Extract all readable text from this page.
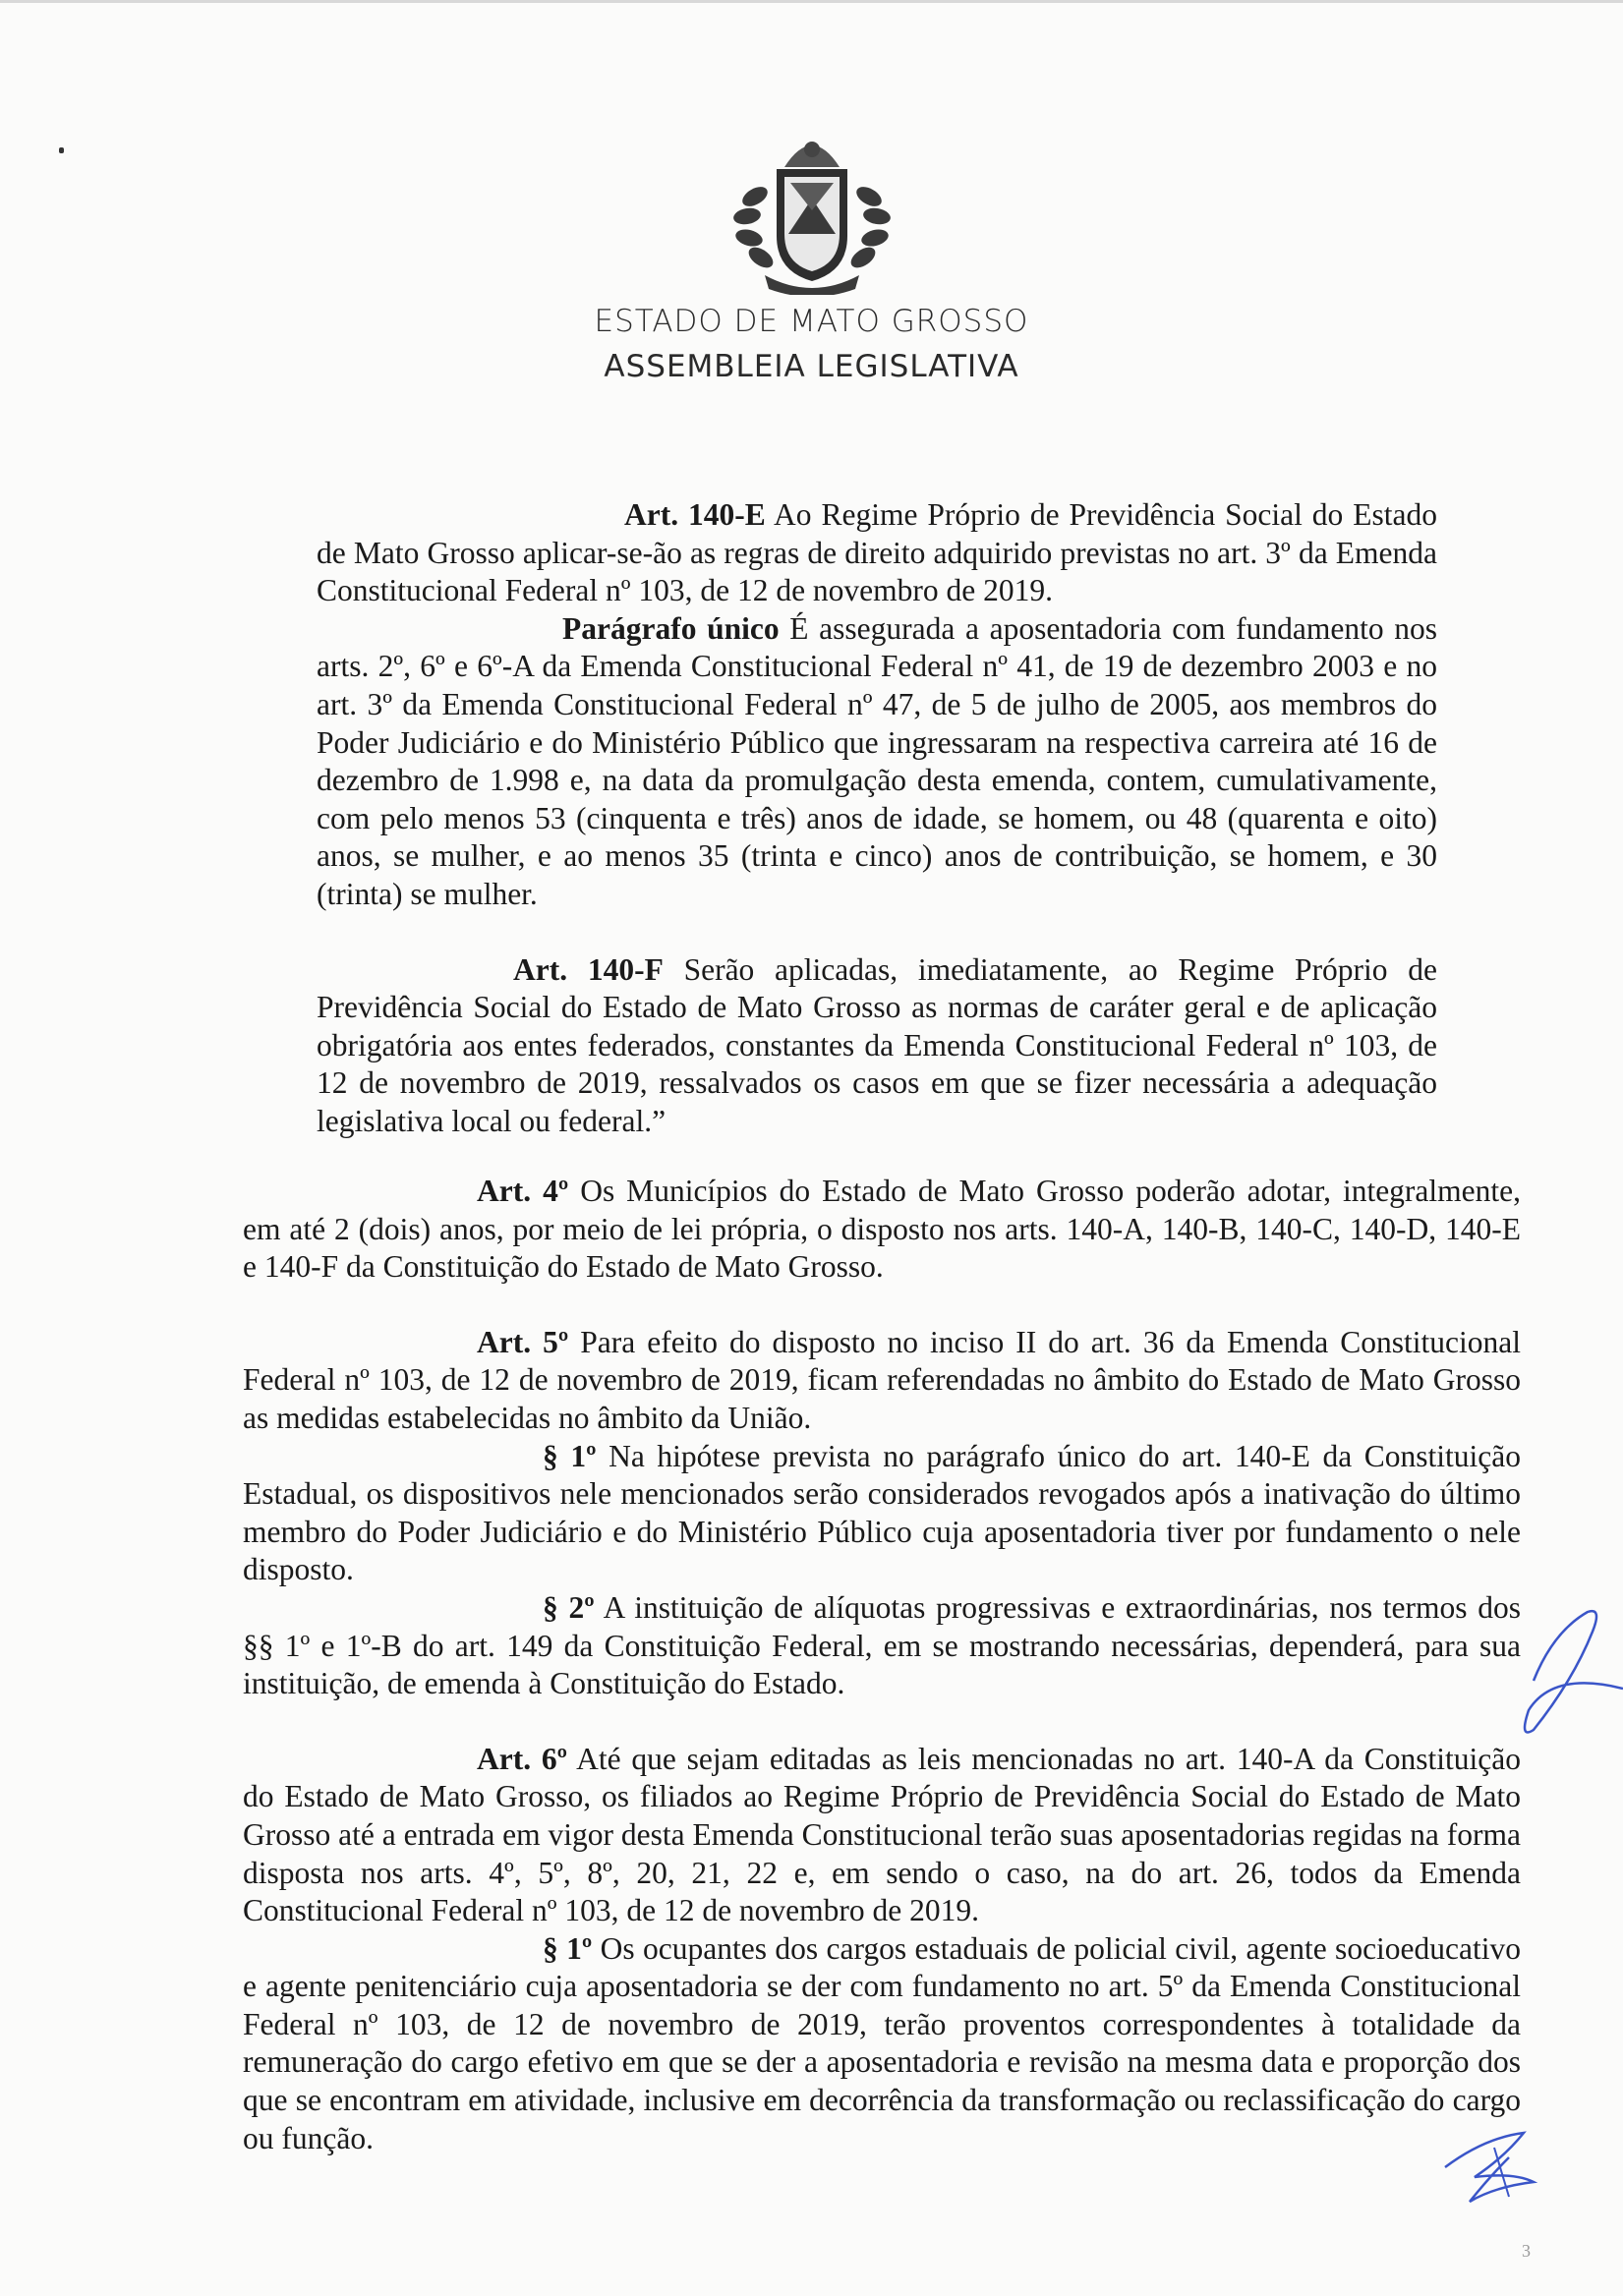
ESTADO DE MATO GROSSO
ASSEMBLEIA LEGISLATIVA

Art. 140-E Ao Regime Próprio de Previdência Social do Estado de Mato Grosso aplicar-se-ão as regras de direito adquirido previstas no art. 3º da Emenda Constitucional Federal nº 103, de 12 de novembro de 2019.

Parágrafo único É assegurada a aposentadoria com fundamento nos arts. 2º, 6º e 6º-A da Emenda Constitucional Federal nº 41, de 19 de dezembro 2003 e no art. 3º da Emenda Constitucional Federal nº 47, de 5 de julho de 2005, aos membros do Poder Judiciário e do Ministério Público que ingressaram na respectiva carreira até 16 de dezembro de 1.998 e, na data da promulgação desta emenda, contem, cumulativamente, com pelo menos 53 (cinquenta e três) anos de idade, se homem, ou 48 (quarenta e oito) anos, se mulher, e ao menos 35 (trinta e cinco) anos de contribuição, se homem, e 30 (trinta) se mulher.

Art. 140-F Serão aplicadas, imediatamente, ao Regime Próprio de Previdência Social do Estado de Mato Grosso as normas de caráter geral e de aplicação obrigatória aos entes federados, constantes da Emenda Constitucional Federal nº 103, de 12 de novembro de 2019, ressalvados os casos em que se fizer necessária a adequação legislativa local ou federal.”

Art. 4º Os Municípios do Estado de Mato Grosso poderão adotar, integralmente, em até 2 (dois) anos, por meio de lei própria, o disposto nos arts. 140-A, 140-B, 140-C, 140-D, 140-E e 140-F da Constituição do Estado de Mato Grosso.

Art. 5º Para efeito do disposto no inciso II do art. 36 da Emenda Constitucional Federal nº 103, de 12 de novembro de 2019, ficam referendadas no âmbito do Estado de Mato Grosso as medidas estabelecidas no âmbito da União.

§ 1º Na hipótese prevista no parágrafo único do art. 140-E da Constituição Estadual, os dispositivos nele mencionados serão considerados revogados após a inativação do último membro do Poder Judiciário e do Ministério Público cuja aposentadoria tiver por fundamento o nele disposto.

§ 2º A instituição de alíquotas progressivas e extraordinárias, nos termos dos §§ 1º e 1º-B do art. 149 da Constituição Federal, em se mostrando necessárias, dependerá, para sua instituição, de emenda à Constituição do Estado.

Art. 6º Até que sejam editadas as leis mencionadas no art. 140-A da Constituição do Estado de Mato Grosso, os filiados ao Regime Próprio de Previdência Social do Estado de Mato Grosso até a entrada em vigor desta Emenda Constitucional terão suas aposentadorias regidas na forma disposta nos arts. 4º, 5º, 8º, 20, 21, 22 e, em sendo o caso, na do art. 26, todos da Emenda Constitucional Federal nº 103, de 12 de novembro de 2019.

§ 1º Os ocupantes dos cargos estaduais de policial civil, agente socioeducativo e agente penitenciário cuja aposentadoria se der com fundamento no art. 5º da Emenda Constitucional Federal nº 103, de 12 de novembro de 2019, terão proventos correspondentes à totalidade da remuneração do cargo efetivo em que se der a aposentadoria e revisão na mesma data e proporção dos que se encontram em atividade, inclusive em decorrência da transformação ou reclassificação do cargo ou função.

3
